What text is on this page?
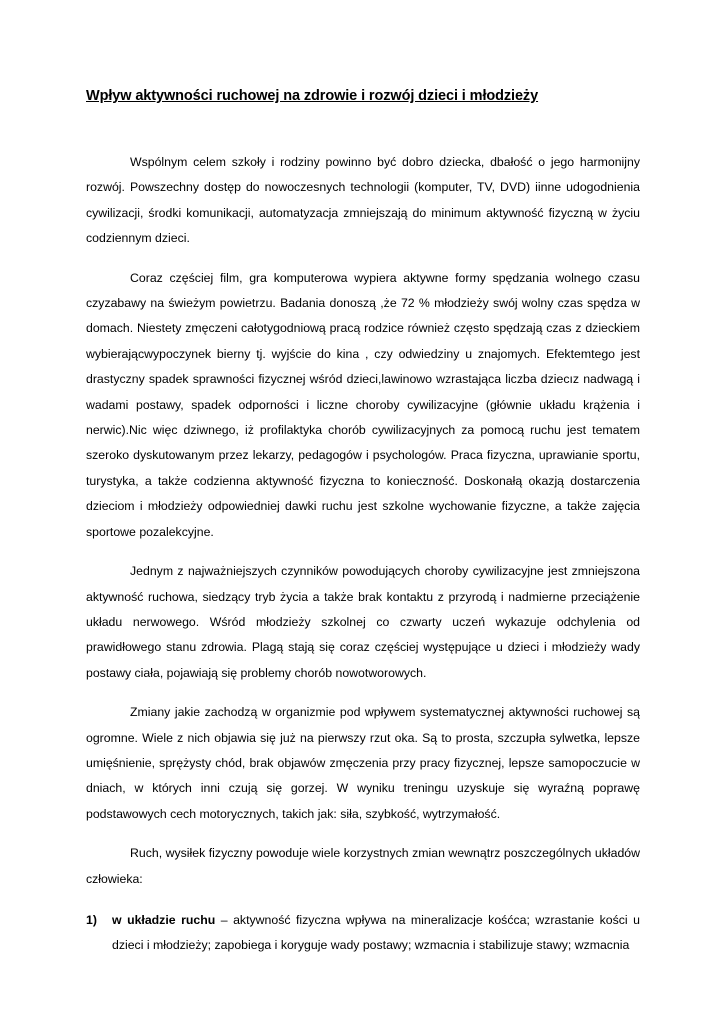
Wpływ aktywności ruchowej na zdrowie i rozwój dzieci i młodzieży

Wspólnym celem szkoły i rodziny powinno być dobro dziecka, dbałość o jego harmonijny rozwój. Powszechny dostęp do nowoczesnych technologii (komputer, TV, DVD) iinne udogodnienia cywilizacji, środki komunikacji, automatyzacja zmniejszają do minimum aktywność fizyczną w życiu codziennym dzieci.

Coraz częściej film, gra komputerowa wypiera aktywne formy spędzania wolnego czasu czyzabawy na świeżym powietrzu. Badania donoszą ,że 72 % młodzieży swój wolny czas spędza w domach. Niestety zmęczeni całotygodniową pracą rodzice również często spędzają czas z dzieckiem wybierającwypoczynek bierny tj. wyjście do kina , czy odwiedziny u znajomych. Efektemtego jest drastyczny spadek sprawności fizycznej wśród dzieci,lawinowo wzrastająca liczba dziecız nadwagą i wadami postawy, spadek odporności i liczne choroby cywilizacyjne (głównie układu krążenia i nerwic).Nic więc dziwnego, iż profilaktyka chorób cywilizacyjnych za pomocą ruchu jest tematem szeroko dyskutowanym przez lekarzy, pedagogów i psychologów. Praca fizyczna, uprawianie sportu, turystyka, a także codzienna aktywność fizyczna to konieczność. Doskonałą okazją dostarczenia dzieciom i młodzieży odpowiedniej dawki ruchu jest szkolne wychowanie fizyczne, a także zajęcia sportowe pozalekcyjne.

Jednym z najważniejszych czynników powodujących choroby cywilizacyjne jest zmniejszona aktywność ruchowa, siedzący tryb życia a także brak kontaktu z przyrodą i nadmierne przeciążenie układu nerwowego. Wśród młodzieży szkolnej co czwarty uczeń wykazuje odchylenia od prawidłowego stanu zdrowia. Plagą stają się coraz częściej występujące u dzieci i młodzieży wady postawy ciała, pojawiają się problemy chorób nowotworowych.

Zmiany jakie zachodzą w organizmie pod wpływem systematycznej aktywności ruchowej są ogromne. Wiele z nich objawia się już na pierwszy rzut oka. Są to prosta, szczupła sylwetka, lepsze umięśnienie, sprężysty chód, brak objawów zmęczenia przy pracy fizycznej, lepsze samopoczucie w dniach, w których inni czują się gorzej. W wyniku treningu uzyskuje się wyraźną poprawę podstawowych cech motorycznych, takich jak: siła, szybkość, wytrzymałość.

Ruch, wysiłek fizyczny powoduje wiele korzystnych zmian wewnątrz poszczególnych układów człowieka:

1) w układzie ruchu – aktywność fizyczna wpływa na mineralizacje kośćca; wzrastanie kości u dzieci i młodzieży; zapobiega i koryguje wady postawy; wzmacnia i stabilizuje stawy; wzmacnia
